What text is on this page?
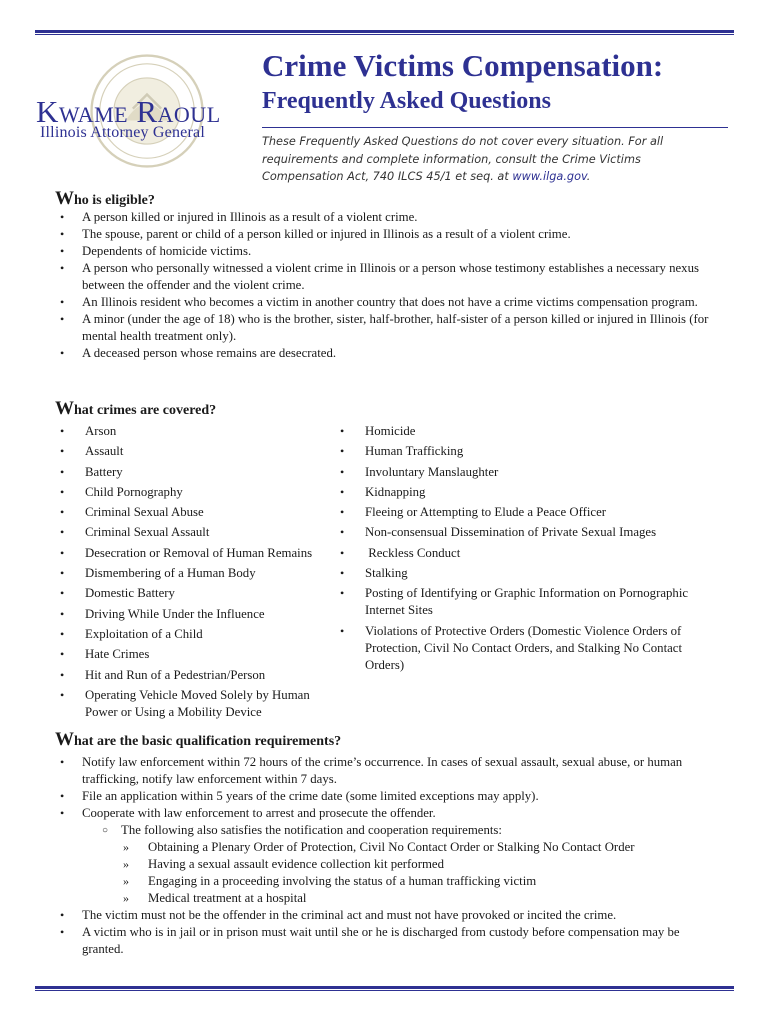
Kwame Raoul
Illinois Attorney General
Crime Victims Compensation:
Frequently Asked Questions
These Frequently Asked Questions do not cover every situation. For all requirements and complete information, consult the Crime Victims Compensation Act, 740 ILCS 45/1 et seq. at www.ilga.gov.
Who is eligible?
• A person killed or injured in Illinois as a result of a violent crime.
• The spouse, parent or child of a person killed or injured in Illinois as a result of a violent crime.
• Dependents of homicide victims.
• A person who personally witnessed a violent crime in Illinois or a person whose testimony establishes a necessary nexus between the offender and the violent crime.
• An Illinois resident who becomes a victim in another country that does not have a crime victims compensation program.
• A minor (under the age of 18) who is the brother, sister, half-brother, half-sister of a person killed or injured in Illinois (for mental health treatment only).
• A deceased person whose remains are desecrated.
What crimes are covered?
• Arson
• Assault
• Battery
• Child Pornography
• Criminal Sexual Abuse
• Criminal Sexual Assault
• Desecration or Removal of Human Remains
• Dismembering of a Human Body
• Domestic Battery
• Driving While Under the Influence
• Exploitation of a Child
• Hate Crimes
• Hit and Run of a Pedestrian/Person
• Operating Vehicle Moved Solely by Human Power or Using a Mobility Device
• Homicide
• Human Trafficking
• Involuntary Manslaughter
• Kidnapping
• Fleeing or Attempting to Elude a Peace Officer
• Non-consensual Dissemination of Private Sexual Images
•  Reckless Conduct
• Stalking
• Posting of Identifying or Graphic Information on Pornographic Internet Sites
• Violations of Protective Orders (Domestic Violence Orders of Protection, Civil No Contact Orders, and Stalking No Contact Orders)
What are the basic qualification requirements?
• Notify law enforcement within 72 hours of the crime’s occurrence. In cases of sexual assault, sexual abuse, or human trafficking, notify law enforcement within 7 days.
• File an application within 5 years of the crime date (some limited exceptions may apply).
• Cooperate with law enforcement to arrest and prosecute the offender.
○ The following also satisfies the notification and cooperation requirements:
» Obtaining a Plenary Order of Protection, Civil No Contact Order or Stalking No Contact Order
» Having a sexual assault evidence collection kit performed
» Engaging in a proceeding involving the status of a human trafficking victim
» Medical treatment at a hospital
• The victim must not be the offender in the criminal act and must not have provoked or incited the crime.
• A victim who is in jail or in prison must wait until she or he is discharged from custody before compensation may be granted.
